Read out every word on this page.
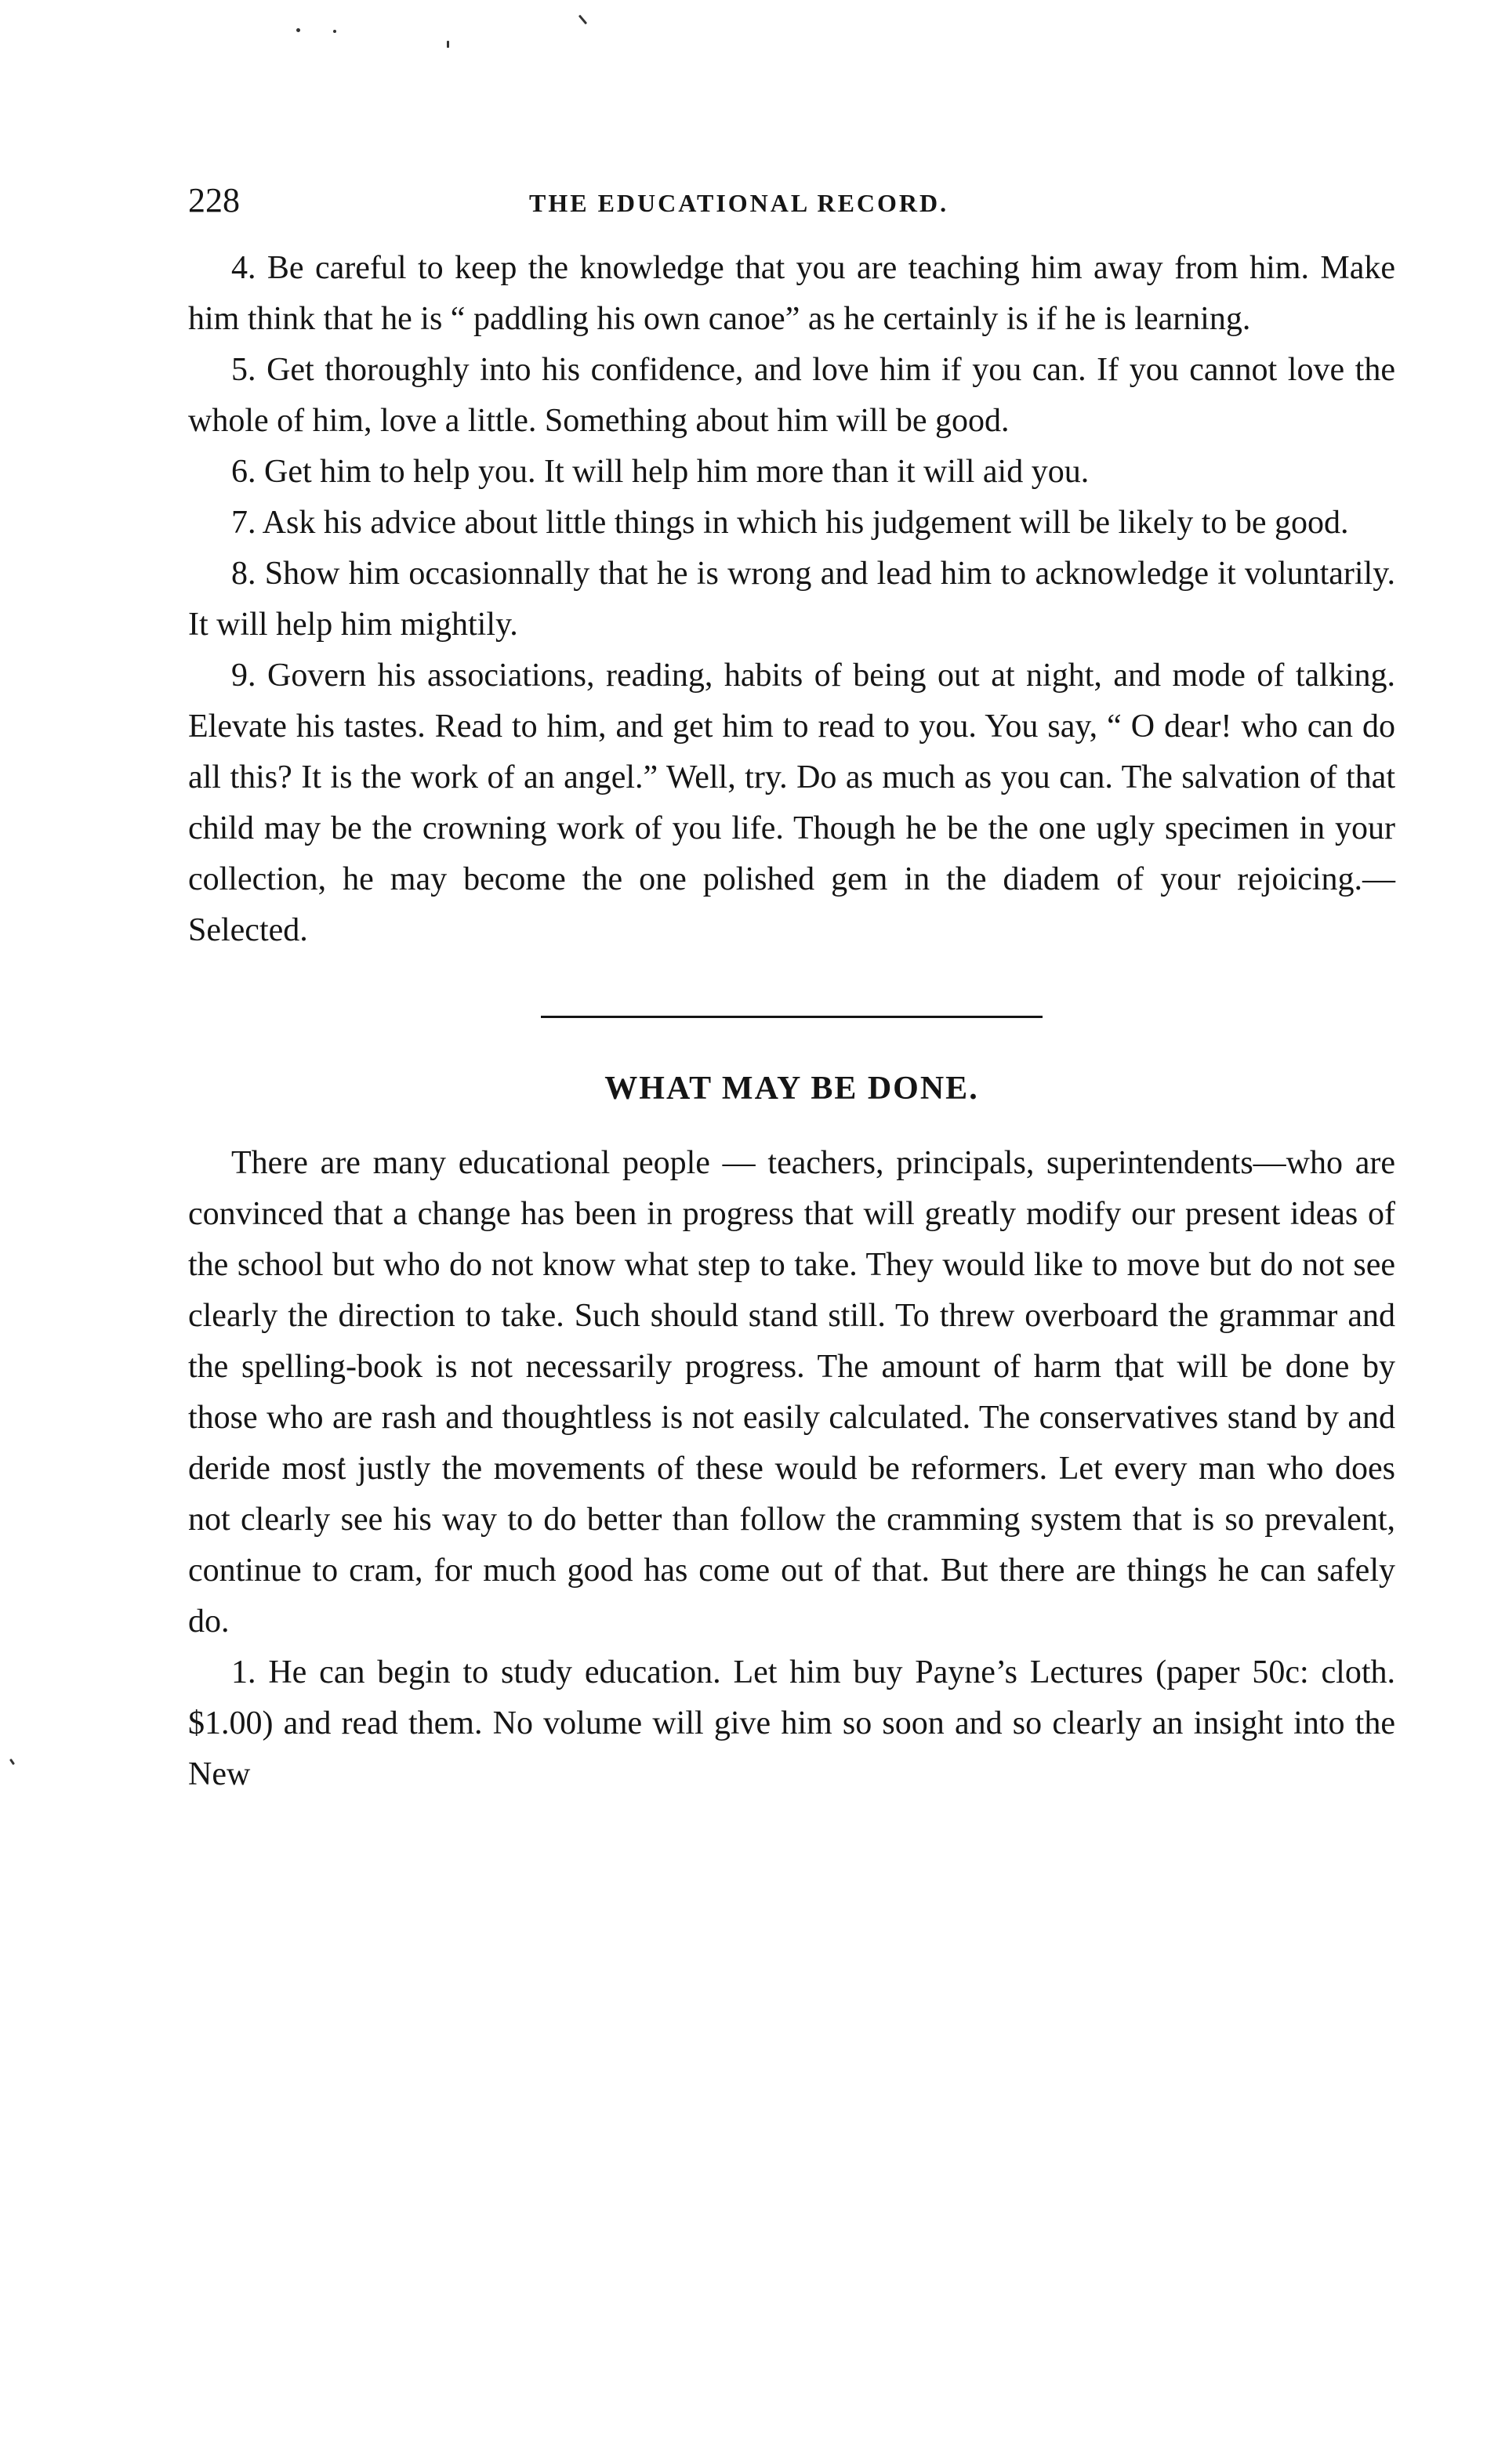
228	THE EDUCATIONAL RECORD.

4. Be careful to keep the knowledge that you are teaching him away from him. Make him think that he is “ paddling his own canoe” as he certainly is if he is learning.

5. Get thoroughly into his confidence, and love him if you can. If you cannot love the whole of him, love a little. Something about him will be good.

6. Get him to help you. It will help him more than it will aid you.

7. Ask his advice about little things in which his judgement will be likely to be good.

8. Show him occasionnally that he is wrong and lead him to acknowledge it voluntarily. It will help him mightily.

9. Govern his associations, reading, habits of being out at night, and mode of talking. Elevate his tastes. Read to him, and get him to read to you. You say, “ O dear! who can do all this? It is the work of an angel.” Well, try. Do as much as you can. The salvation of that child may be the crowning work of you life. Though he be the one ugly specimen in your collection, he may become the one polished gem in the diadem of your rejoicing.—Selected.

WHAT MAY BE DONE.

There are many educational people — teachers, principals, superintendents—who are convinced that a change has been in progress that will greatly modify our present ideas of the school but who do not know what step to take. They would like to move but do not see clearly the direction to take. Such should stand still. To threw overboard the grammar and the spelling-book is not necessarily progress. The amount of harm that will be done by those who are rash and thoughtless is not easily calculated. The conservatives stand by and deride most justly the movements of these would be reformers. Let every man who does not clearly see his way to do better than follow the cramming system that is so prevalent, continue to cram, for much good has come out of that. But there are things he can safely do.

1. He can begin to study education. Let him buy Payne’s Lectures (paper 50c: cloth. $1.00) and read them. No volume will give him so soon and so clearly an insight into the New
